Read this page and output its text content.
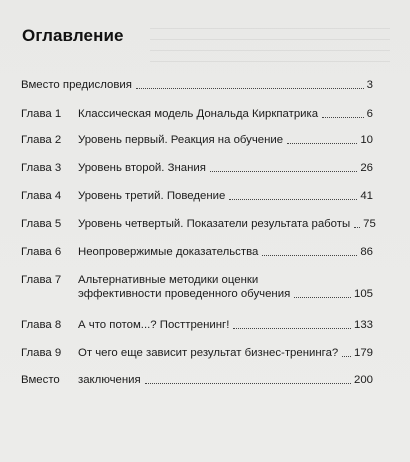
Оглавление
Вместо предисловия	3
Глава 1	Классическая модель Дональда Киркпатрика	6
Глава 2	Уровень первый. Реакция на обучение	10
Глава 3	Уровень второй. Знания	26
Глава 4	Уровень третий. Поведение	41
Глава 5	Уровень четвертый. Показатели результата работы 75
Глава 6	Неопровержимые доказательства	86
Глава 7	Альтернативные методики оценки
эффективности проведенного обучения	105
Глава 8	А что потом...? Посттренинг!	133
Глава 9	От чего еще зависит результат бизнес-тренинга? 179
Вместо	заключения	200
